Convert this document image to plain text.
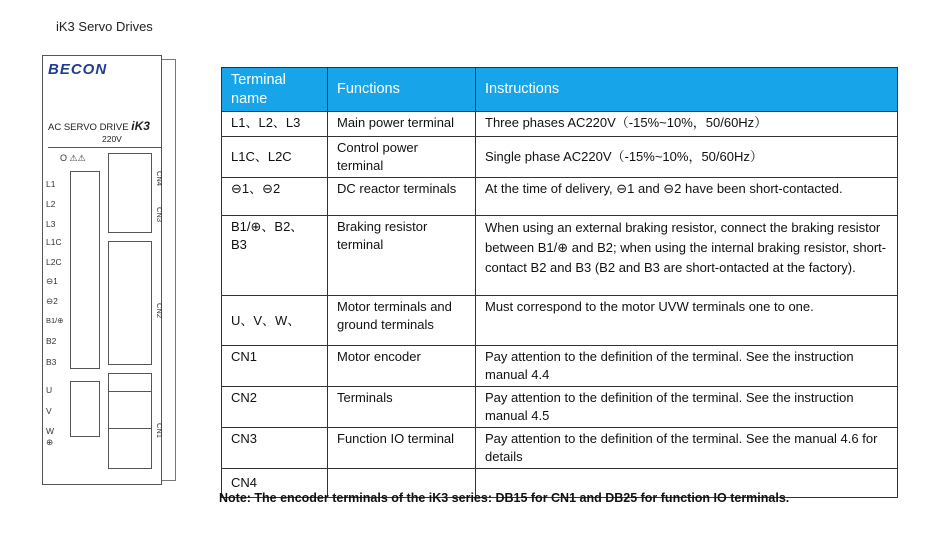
iK3 Servo Drives
BECON
AC SERVO DRIVE iK3
220V
O ⚠⚠
L1
L2
L3
L1C
L2C
⊖1
⊖2
B1/⊕
B2
B3
U
V
W
⊕
CN4
CN3
CN2
CN1
Terminal name	Functions	Instructions
L1、L2、L3	Main power terminal	Three phases AC220V（-15%~10%，50/60Hz）
L1C、L2C	Control power terminal	Single phase AC220V（-15%~10%，50/60Hz）
⊖1、⊖2	DC reactor terminals	At the time of delivery, ⊖1 and ⊖2 have been short-contacted.
B1/⊕、B2、B3	Braking resistor terminal	When using an external braking resistor, connect the braking resistor between B1/⊕ and B2; when using the internal braking resistor, short-contact B2 and B3 (B2 and B3 are short-ontacted at the factory).
U、V、W、	Motor terminals and ground terminals	Must correspond to the motor UVW terminals one to one.
CN1	Motor encoder	Pay attention to the definition of the terminal. See the instruction manual 4.4
CN2	Terminals	Pay attention to the definition of the terminal. See the instruction manual 4.5
CN3	Function IO terminal	Pay attention to the definition of the terminal. See the manual 4.6 for details
CN4		
Note: The encoder terminals of the iK3 series: DB15 for CN1 and DB25 for function IO terminals.
